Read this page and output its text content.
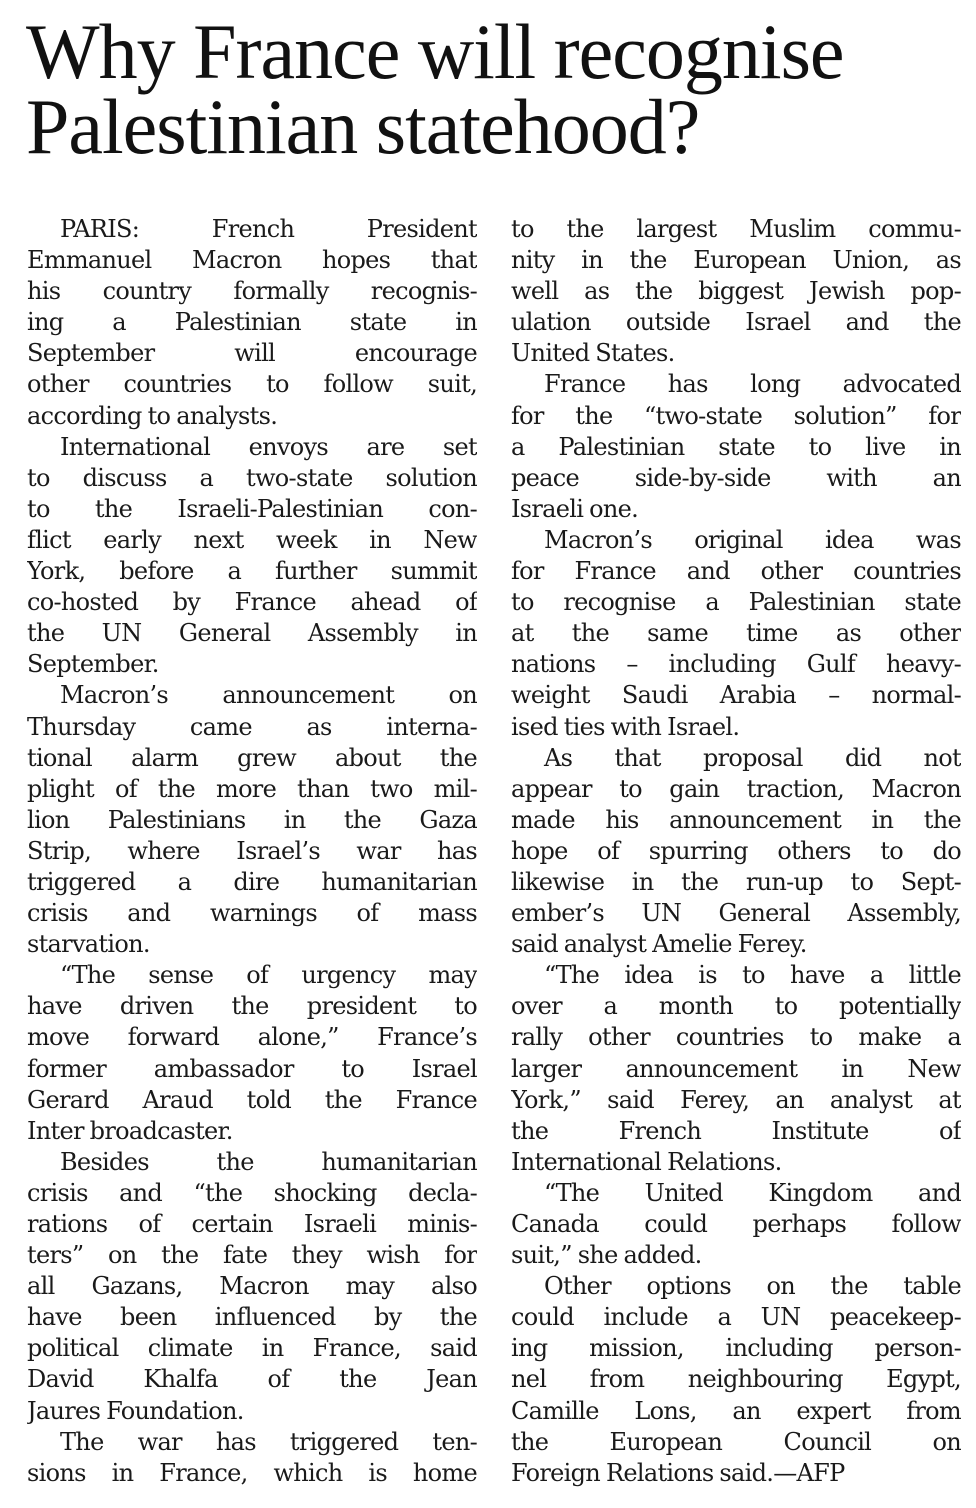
Why France will recognise
Palestinian statehood?
PARIS: French President
Emmanuel Macron hopes that
his country formally recognis-
ing a Palestinian state in
September will encourage
other countries to follow suit,
according to analysts.
International envoys are set
to discuss a two-state solution
to the Israeli-Palestinian con-
flict early next week in New
York, before a further summit
co-hosted by France ahead of
the UN General Assembly in
September.
Macron’s announcement on
Thursday came as interna-
tional alarm grew about the
plight of the more than two mil-
lion Palestinians in the Gaza
Strip, where Israel’s war has
triggered a dire humanitarian
crisis and warnings of mass
starvation.
“The sense of urgency may
have driven the president to
move forward alone,” France’s
former ambassador to Israel
Gerard Araud told the France
Inter broadcaster.
Besides the humanitarian
crisis and “the shocking decla-
rations of certain Israeli minis-
ters” on the fate they wish for
all Gazans, Macron may also
have been influenced by the
political climate in France, said
David Khalfa of the Jean
Jaures Foundation.
The war has triggered ten-
sions in France, which is home
to the largest Muslim commu-
nity in the European Union, as
well as the biggest Jewish pop-
ulation outside Israel and the
United States.
France has long advocated
for the “two-state solution” for
a Palestinian state to live in
peace side-by-side with an
Israeli one.
Macron’s original idea was
for France and other countries
to recognise a Palestinian state
at the same time as other
nations – including Gulf heavy-
weight Saudi Arabia – normal-
ised ties with Israel.
As that proposal did not
appear to gain traction, Macron
made his announcement in the
hope of spurring others to do
likewise in the run-up to Sept-
ember’s UN General Assembly,
said analyst Amelie Ferey.
“The idea is to have a little
over a month to potentially
rally other countries to make a
larger announcement in New
York,” said Ferey, an analyst at
the French Institute of
International Relations.
“The United Kingdom and
Canada could perhaps follow
suit,” she added.
Other options on the table
could include a UN peacekeep-
ing mission, including person-
nel from neighbouring Egypt,
Camille Lons, an expert from
the European Council on
Foreign Relations said.—AFP
